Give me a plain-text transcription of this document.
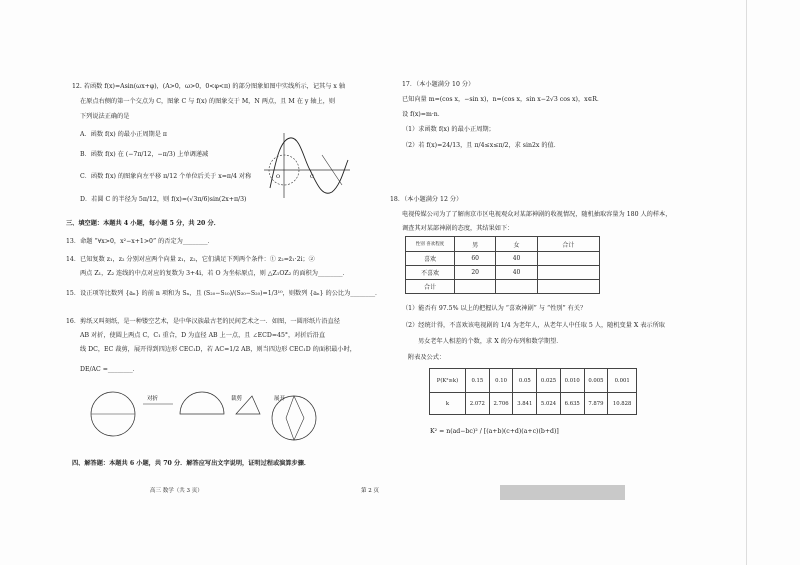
12. 若函数 f(x)=Asin(ωx+φ)，(A>0，ω>0，0<φ<π) 的部分图象如图中实线所示，记其与 x 轴
在原点右侧的第一个交点为 C，图象 C 与 f(x) 的图象交于 M，N 两点，且 M 在 y 轴上，则
下列说法正确的是
A．函数 f(x) 的最小正周期是 π
B．函数 f(x) 在 (−7π/12，−π/3) 上单调递减
C．函数 f(x) 的图象向左平移 π/12 个单位后关于 x=π/4 对称
D．若圆 C 的半径为 5π/12，则 f(x)=(√3π/6)sin(2x+π/3)
O	C
三、填空题：本题共 4 小题，每小题 5 分，共 20 分．
13．命题 “∀x>0，x²−x+1>0” 的否定为________．
14．已知复数 z₁，z₂ 分别对应两个向量 z₁，z₂，它们满足下列两个条件：① z₂=z̄₁·2i；②
两点 Z₁，Z₂ 连线的中点对应的复数为 3+4i，若 O 为坐标原点，则 △Z₁OZ₂ 的面积为________．
15．设正项等比数列 {aₙ} 的前 n 项和为 Sₙ，且 (S₂₀−S₁₀)/(S₃₀−S₂₀)=1/3¹⁰，则数列 {aₙ} 的公比为________．
16．剪纸又叫刻纸，是一种镂空艺术，是中华汉族最古老的民间艺术之一．如图，一圆形纸片沿直径
AB 对折，使圆上两点 C，C₁ 重合，D 为直径 AB 上一点，且 ∠ECD=45°，对折后沿直
线 DC，EC 裁剪，展开得到四边形 CEC₁D，若 AC=1/2 AB，则当四边形 CEC₁D 的面积最小时，
DE/AC =________．
对折	裁剪	展开
四、解答题：本题共 6 小题，共 70 分．解答应写出文字说明，证明过程或演算步骤．
17．（本小题满分 10 分）
已知向量 m=(cos x，−sin x)，n=(cos x，sin x−2√3 cos x)，x∈R．
设 f(x)=m·n．
（1）求函数 f(x) 的最小正周期；
（2）若 f(x)=24/13，且 π/4≤x≤π/2，求 sin2x 的值．
18．（本小题满分 12 分）
电视传媒公司为了了解南京市区电视观众对某部神剧的收视情况，随机抽取容量为 180 人的样本，
调查其对某部神剧的态度，其结果如下：
性别 喜欢程度	男	女	合计
喜欢	60	40	
不喜欢	20	40	
合计			
（1）能否有 97.5% 以上的把握认为 “喜欢神剧” 与 “性别” 有关？
（2）经统计得，不喜欢该电视剧的 1/4 为老年人，从老年人中任取 5 人，随机变量 X 表示所取
男女老年人相差的个数，求 X 的分布列和数学期望．
附表及公式：
P(K²≥k)	0.15	0.10	0.05	0.025	0.010	0.005	0.001
k	2.072	2.706	3.841	5.024	6.635	7.879	10.828
K² = n(ad−bc)² / [(a+b)(c+d)(a+c)(b+d)]
高三 数学（共 3 页）	第 2 页
